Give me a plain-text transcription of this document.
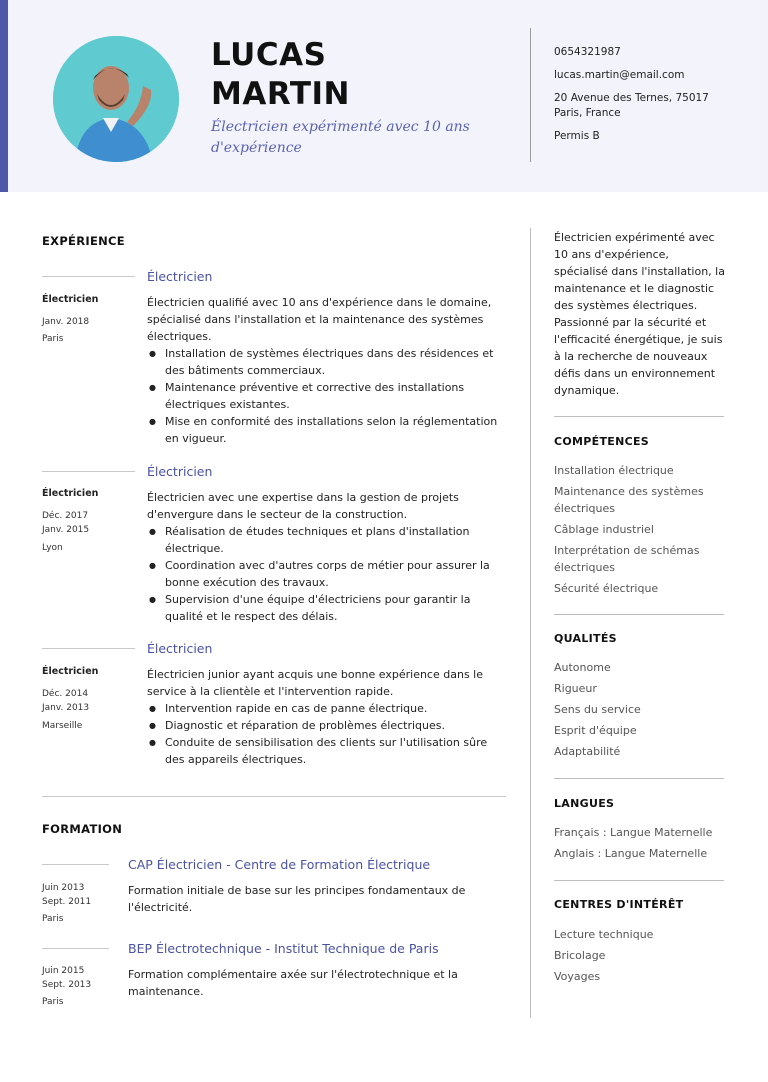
LUCAS
MARTIN
Électricien expérimenté avec 10 ans d'expérience
0654321987
lucas.martin@email.com
20 Avenue des Ternes, 75017
Paris, France
Permis B
EXPÉRIENCE
Électricien
Électricien
Janv. 2018
Paris
Électricien qualifié avec 10 ans d'expérience dans le domaine, spécialisé dans l'installation et la maintenance des systèmes électriques.
● Installation de systèmes électriques dans des résidences et des bâtiments commerciaux.
● Maintenance préventive et corrective des installations électriques existantes.
● Mise en conformité des installations selon la réglementation en vigueur.
Électricien
Électricien
Déc. 2017
Janv. 2015
Lyon
Électricien avec une expertise dans la gestion de projets d'envergure dans le secteur de la construction.
● Réalisation de études techniques et plans d'installation électrique.
● Coordination avec d'autres corps de métier pour assurer la bonne exécution des travaux.
● Supervision d'une équipe d'électriciens pour garantir la qualité et le respect des délais.
Électricien
Électricien
Déc. 2014
Janv. 2013
Marseille
Électricien junior ayant acquis une bonne expérience dans le service à la clientèle et l'intervention rapide.
● Intervention rapide en cas de panne électrique.
● Diagnostic et réparation de problèmes électriques.
● Conduite de sensibilisation des clients sur l'utilisation sûre des appareils électriques.
FORMATION
CAP Électricien - Centre de Formation Électrique
Juin 2013
Sept. 2011
Paris
Formation initiale de base sur les principes fondamentaux de l'électricité.
BEP Électrotechnique - Institut Technique de Paris
Juin 2015
Sept. 2013
Paris
Formation complémentaire axée sur l'électrotechnique et la maintenance.
Électricien expérimenté avec 10 ans d'expérience, spécialisé dans l'installation, la maintenance et le diagnostic des systèmes électriques. Passionné par la sécurité et l'efficacité énergétique, je suis à la recherche de nouveaux défis dans un environnement dynamique.
COMPÉTENCES
Installation électrique
Maintenance des systèmes électriques
Câblage industriel
Interprétation de schémas électriques
Sécurité électrique
QUALITÉS
Autonome
Rigueur
Sens du service
Esprit d'équipe
Adaptabilité
LANGUES
Français : Langue Maternelle
Anglais : Langue Maternelle
CENTRES D'INTÉRÊT
Lecture technique
Bricolage
Voyages
